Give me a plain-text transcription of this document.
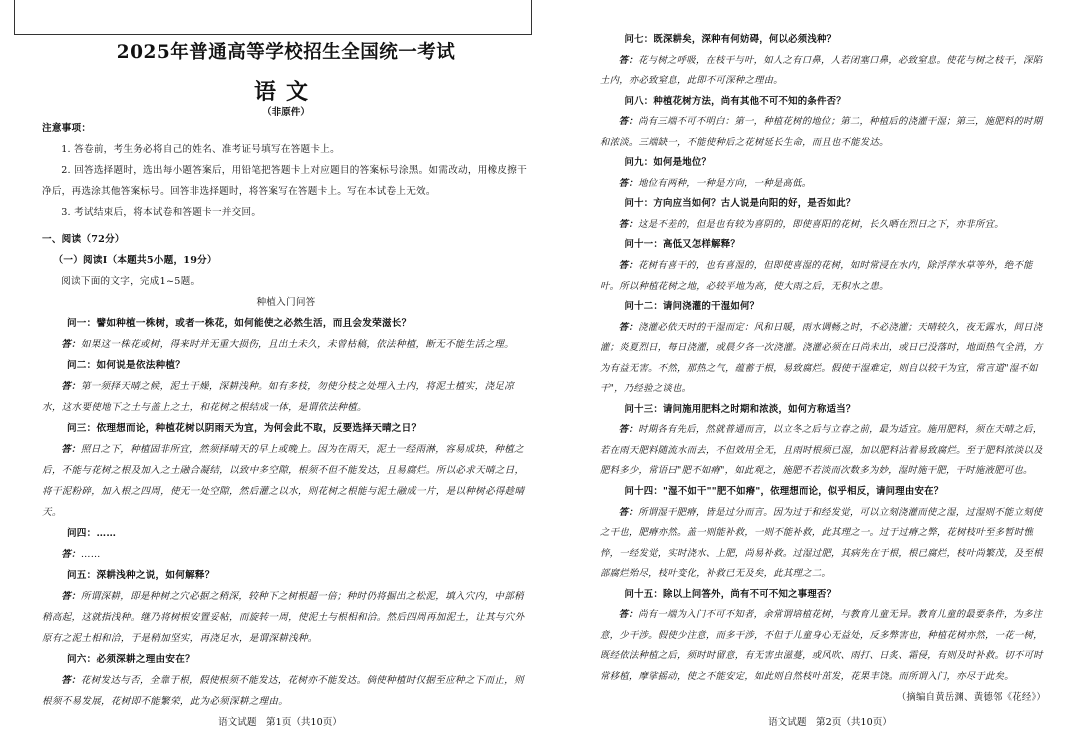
2025年普通高等学校招生全国统一考试
语文
（非原件）

注意事项：

1. 答卷前，考生务必将自己的姓名、准考证号填写在答题卡上。

2. 回答选择题时，选出每小题答案后，用铅笔把答题卡上对应题目的答案标号涂黑。如需改动，用橡皮擦干净后，再选涂其他答案标号。回答非选择题时，将答案写在答题卡上。写在本试卷上无效。

3. 考试结束后，将本试卷和答题卡一并交回。

一、阅读（72分）

（一）阅读Ⅰ（本题共5小题，19分）

阅读下面的文字，完成1~5题。

种植入门问答

问一：譬如种植一株树，或者一株花，如何能使之必然生活，而且会发荣滋长？

答：如果这一株花或树，得来时并无重大损伤，且出土未久，未曾枯稿，依法种植，断无不能生活之理。

问二：如何说是依法种植？

答：第一须择天晴之候，泥土干燥，深耕浅种。如有多枝，勿使分枝之处埋入土内，将泥土植实，浇足凉水，这水要使地下之土与盖上之土，和花树之根结成一体，是谓依法种植。

问三：依理想而论，种植花树以阴雨天为宜，为何会此不取，反要选择天晴之日？

答：照日之下，种植固非所宜，然须择晴天的早上或晚上。因为在雨天，泥土一经雨淋，容易成块，种植之后，不能与花树之根及加入之土融合凝结，以致中多空隙，根须不但不能发达，且易腐烂。所以必求天晴之日，将干泥粉碎，加入根之四周，使无一处空隙，然后灌之以水，则花树之根能与泥土融成一片，是以种树必得趁晴天。

问四：……

答：……

问五：深耕浅种之说，如何解释？

答：所谓深耕，即是种树之穴必据之稍深，较种下之树根超一倍；种时仍将掘出之松泥，填入穴内，中部稍稍高起，这就指浅种。继乃将树根安置妥帖，而旋转一周，使泥土与根相和洽。然后四周再加泥土，让其与穴外原有之泥土相和洽，于是稍加坚实，再浇足水，是谓深耕浅种。

问六：必须深耕之理由安在？

答：花树发达与否，全靠于根，假使根须不能发达，花树亦不能发达。倘使种植时仅据至应种之下而止，则根须不易发展，花树即不能繁荣，此为必须深耕之理由。

问七：既深耕矣，深种有何妨碍，何以必须浅种？

答：花与树之呼吸，在枝干与叶，如人之有口鼻，人若闭塞口鼻，必致窒息。使花与树之枝干，深陷土内，亦必致窒息，此即不可深种之理由。

问八：种植花树方法，尚有其他不可不知的条件否？

答：尚有三端不可不明白：第一，种植花树的地位；第二，种植后的浇灌干湿；第三，施肥料的时期和浓淡。三端缺一，不能使种后之花树延长生命，而且也不能发达。

问九：如何是地位？

答：地位有两种，一种是方向，一种是高低。

问十：方向应当如何？古人说是向阳的好，是否如此？

答：这是不差的，但是也有较为喜阴的，即使喜阳的花树，长久晒在烈日之下，亦非所宜。

问十一：高低又怎样解释？

答：花树有喜干的，也有喜湿的，但即使喜湿的花树，如时常浸在水内，除浮萍水草等外，绝不能叶。所以种植花树之地，必较平地为高，使大雨之后，无积水之患。

问十二：请问浇灌的干湿如何？

答：浇灌必依天时的干湿而定：风和日暖，雨水调畅之时，不必浇灌；天晴较久，夜无露水，间日浇灌；炎夏烈日，每日浇灌，或晨夕各一次浇灌。浇灌必须在日尚未出，或日已没落时，地面热气全消，方为有益无害。不然，那热之气，蕴蓄于根，易致腐烂。假使干湿难定，则自以较干为宜，常言道"湿不如干"，乃经验之谈也。

问十三：请问施用肥料之时期和浓淡，如何方称适当？

答：时期各有先后，然就普通而言，以立冬之后与立春之前，最为适宜。施用肥料，须在天晴之后，若在雨天肥料随流水而去，不但效用全无，且雨时根须已湿，加以肥料沾着易致腐烂。至于肥料浓淡以及肥料多少，常语曰"肥不如瘠"，如此观之，施肥不若淡而次数多为妙，湿时施干肥，干时施液肥可也。

问十四："湿不如干""肥不如瘠"，依理想而论，似乎相反，请问理由安在？

答：所谓湿干肥瘠，皆是过分而言。因为过于和经发觉，可以立刻浇灌而使之湿，过湿则不能立刻使之干也，肥瘠亦然。盖一则能补救，一则不能补救，此其理之一。过于过瘠之弊，花树枝叶至多暂时憔悴，一经发觉，实时浇水、上肥，尚易补救。过湿过肥，其病先在于根，根已腐烂，枝叶尚繁茂，及至根部腐烂殆尽，枝叶变化，补救已无及矣，此其理之二。

问十五：除以上问答外，尚有不可不知之事理否？

答：尚有一端为入门不可不知者，余常谓培植花树，与教育儿童无异。教育儿童的最要条件，为多注意，少干涉。假使少注意，而多干涉，不但于儿童身心无益处，反多弊害也，种植花树亦然，一花一树，既经依法种植之后，须时时留意，有无害虫滋蔓，或风吹、雨打、日炙、霜侵，有则及时补救。切不可时常移植，摩挲摇动，使之不能安定，如此则自然枝叶茁发，花果丰饶。而所谓入门，亦尽于此矣。

（摘编自黄岳渊、黄德邻《花经》）

语文试题　第1页（共10页）	语文试题　第2页（共10页）
